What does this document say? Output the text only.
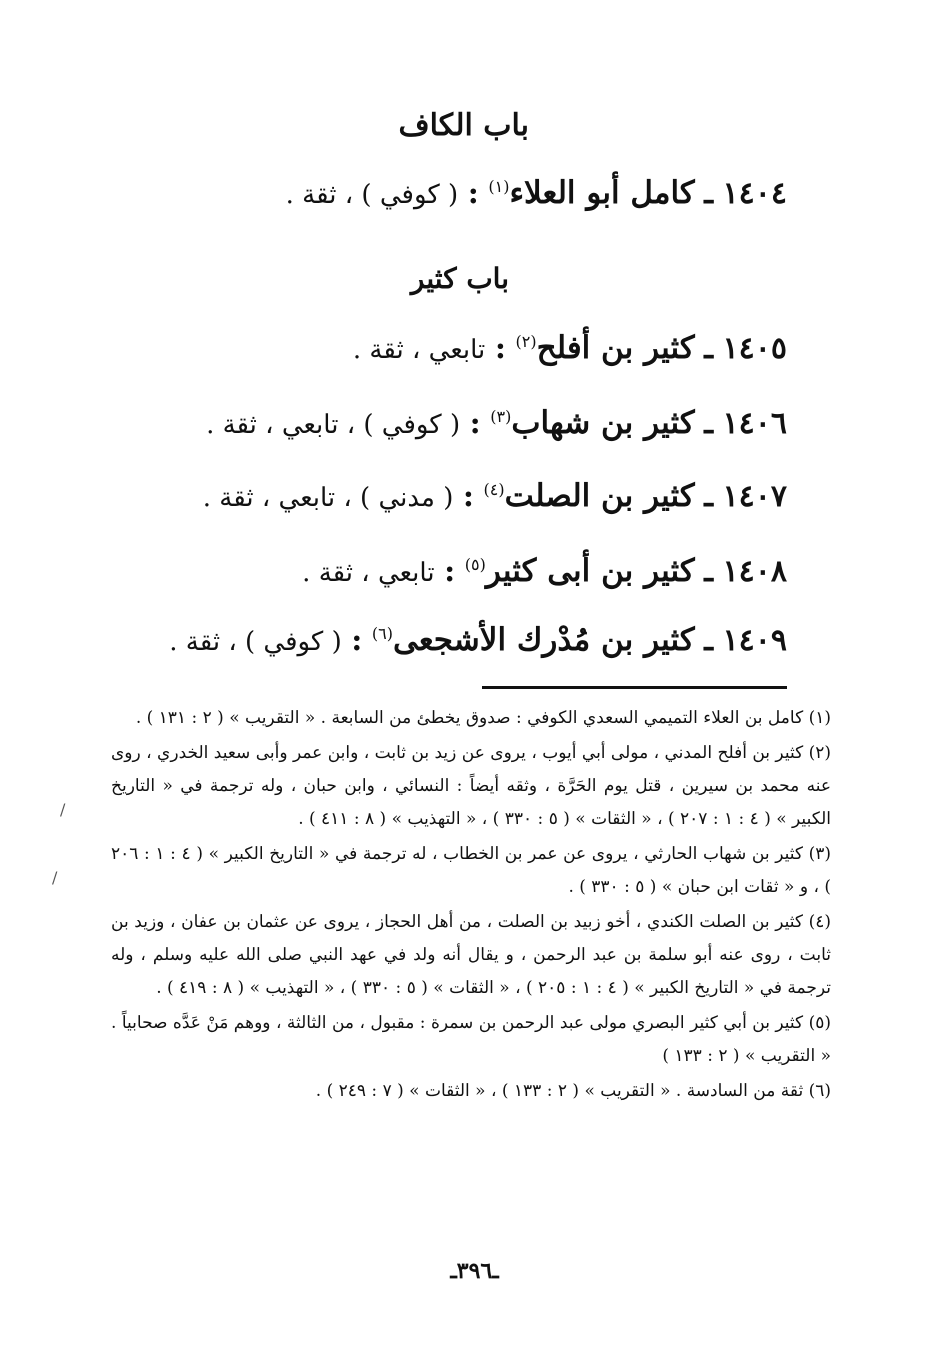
باب الكاف
١٤٠٤ ـ كامل أبو العلاء$^{(١)}$ : ( كوفي ) ، ثقة .
باب كثير
١٤٠٥ ـ كثير بن أفلح$^{(٢)}$ : تابعي ، ثقة .
١٤٠٦ ـ كثير بن شهاب$^{(٣)}$ : ( كوفي ) ، تابعي ، ثقة .
١٤٠٧ ـ كثير بن الصلت$^{(٤)}$ : ( مدني ) ، تابعي ، ثقة .
١٤٠٨ ـ كثير بن أبى كثير$^{(٥)}$ : تابعي ، ثقة .
١٤٠٩ ـ كثير بن مُدْرك الأشجعى$^{(٦)}$ : ( كوفي ) ، ثقة .

(١) كامل بن العلاء التميمي السعدي الكوفي : صدوق يخطئ من السابعة . « التقريب » ( ٢ : ١٣١ ) .

(٢) كثير بن أفلح المدني ، مولى أبي أيوب ، يروى عن زيد بن ثابت ، وابن عمر وأبى سعيد الخدري ، روى عنه محمد بن سيرين ، قتل يوم الحَرَّة ، وثقه أيضاً : النسائي ، وابن حبان ، وله ترجمة في « التاريخ الكبير » ( ٤ : ١ : ٢٠٧ ) ، « الثقات » ( ٥ : ٣٣٠ ) ، « التهذيب » ( ٨ : ٤١١ ) .

(٣) كثير بن شهاب الحارثي ، يروى عن عمر بن الخطاب ، له ترجمة في « التاريخ الكبير » ( ٤ : ١ : ٢٠٦ ) ، و « ثقات ابن حبان » ( ٥ : ٣٣٠ ) .

(٤) كثير بن الصلت الكندي ، أخو زبيد بن الصلت ، من أهل الحجاز ، يروى عن عثمان بن عفان ، وزيد بن ثابت ، روى عنه أبو سلمة بن عبد الرحمن ، و يقال أنه ولد في عهد النبي صلى الله عليه وسلم ، وله ترجمة في « التاريخ الكبير » ( ٤ : ١ : ٢٠٥ ) ، « الثقات » ( ٥ : ٣٣٠ ) ، « التهذيب » ( ٨ : ٤١٩ ) .

(٥) كثير بن أبي كثير البصري مولى عبد الرحمن بن سمرة : مقبول ، من الثالثة ، ووهم مَنْ عَدَّه صحابياً . « التقريب » ( ٢ : ١٣٣ )

(٦) ثقة من السادسة . « التقريب » ( ٢ : ١٣٣ ) ، « الثقات » ( ٧ : ٢٤٩ ) .

/
/
ـ٣٩٦ـ
